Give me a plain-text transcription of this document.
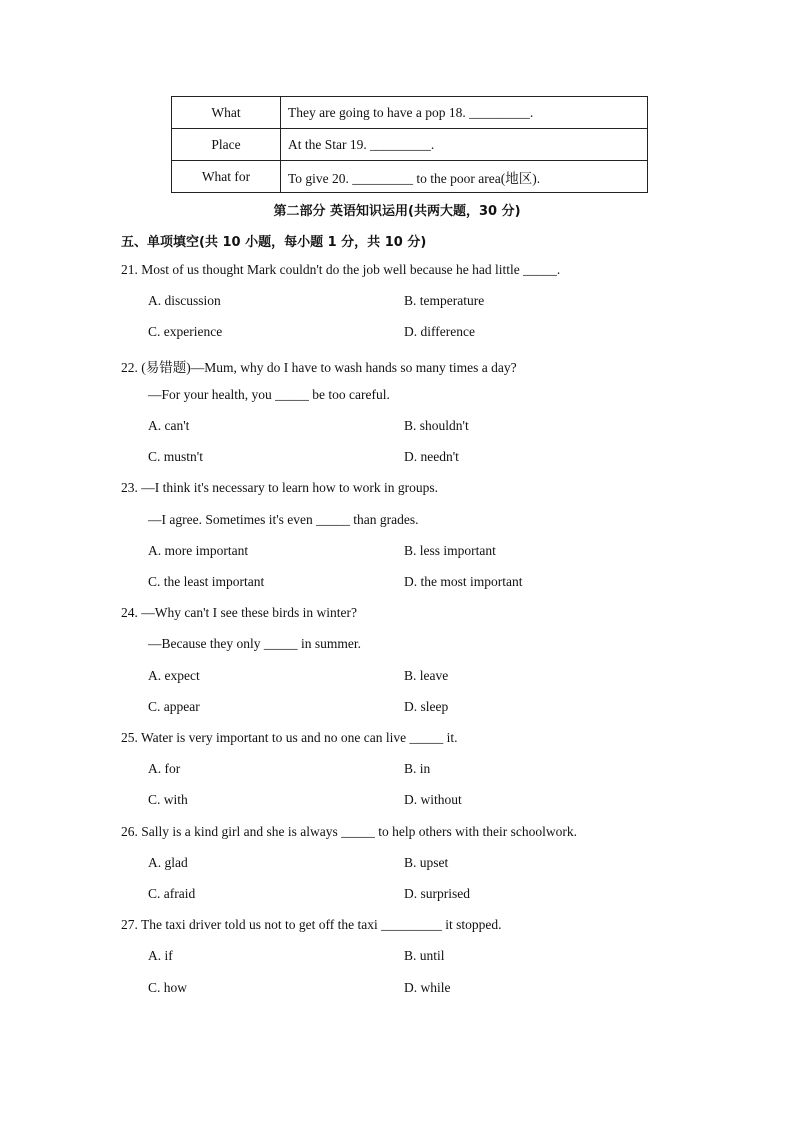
What	They are going to have a pop 18. _________.
Place	At the Star 19. _________.
What for	To give 20. _________ to the poor area(地区).
第二部分 英语知识运用(共两大题，30 分)
五、单项填空(共 10 小题，每小题 1 分，共 10 分)
21. Most of us thought Mark couldn't do the job well because he had little _____.
A. discussion	B. temperature
C. experience	D. difference
22. (易错题)—Mum, why do I have to wash hands so many times a day?
—For your health, you _____ be too careful.
A. can't	B. shouldn't
C. mustn't	D. needn't
23. —I think it's necessary to learn how to work in groups.
—I agree. Sometimes it's even _____ than grades.
A. more important	B. less important
C. the least important	D. the most important
24. —Why can't I see these birds in winter?
—Because they only _____ in summer.
A. expect	B. leave
C. appear	D. sleep
25. Water is very important to us and no one can live _____ it.
A. for	B. in
C. with	D. without
26. Sally is a kind girl and she is always _____ to help others with their schoolwork.
A. glad	B. upset
C. afraid	D. surprised
27. The taxi driver told us not to get off the taxi _________ it stopped.
A. if	B. until
C. how	D. while
